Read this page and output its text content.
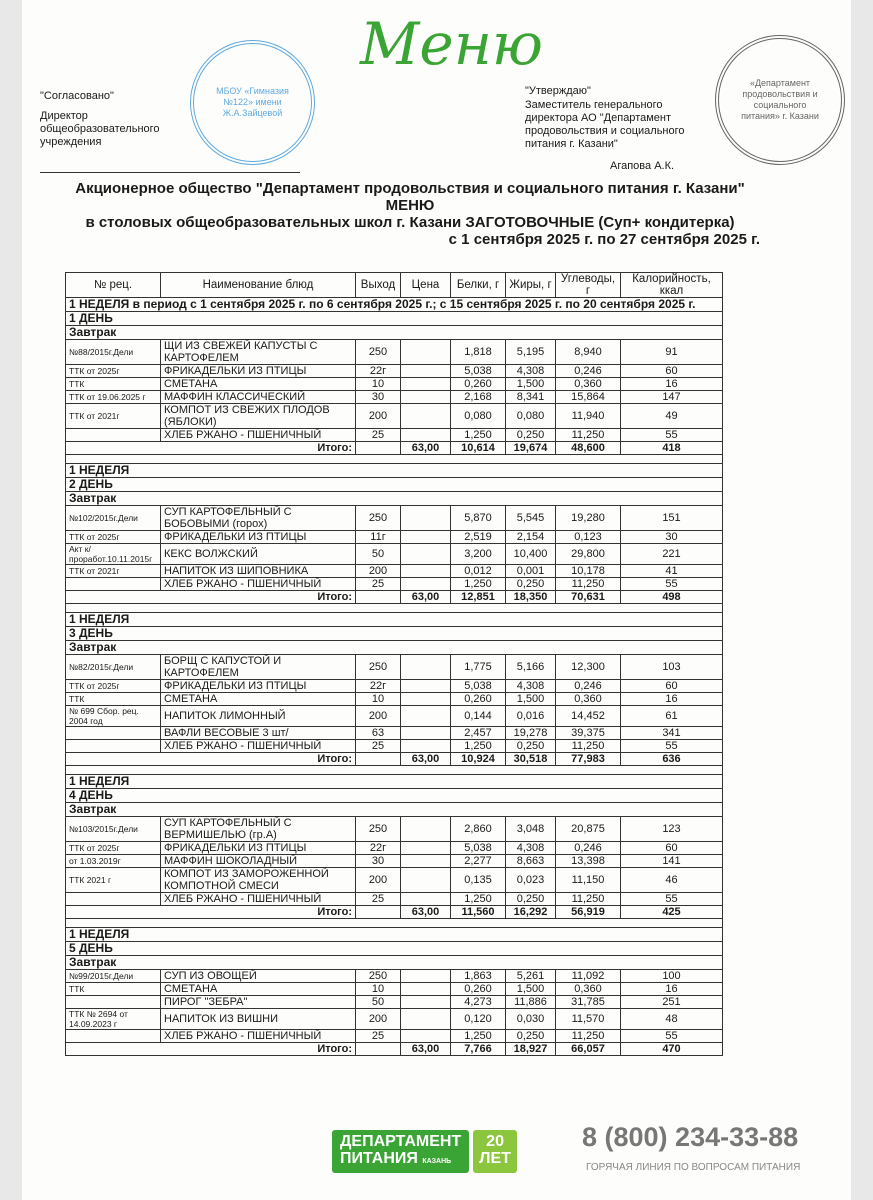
Меню
МБОУ «Гимназия №122» имени Ж.А.Зайцевой
"Согласовано"
Директор общеобразовательного учреждения
«Департамент продовольствия и социального питания» г. Казани
"Утверждаю"
Заместитель генерального директора АО "Департамент продовольствия и социального питания г. Казани"
Агапова А.К.
Акционерное общество "Департамент продовольствия и социального питания г. Казани"
МЕНЮ
в столовых общеобразовательных школ г. Казани ЗАГОТОВОЧНЫЕ (Суп+ кондитерка)
с 1 сентября 2025 г. по 27 сентября 2025 г.
№ рец.	Наименование блюд	Выход	Цена	Белки, г	Жиры, г	Углеводы, г	Калорийность, ккал
1 НЕДЕЛЯ в период с 1 сентября 2025 г. по 6 сентября 2025 г.; с 15 сентября 2025 г. по 20 сентября 2025 г.							
1 ДЕНЬ							
Завтрак							
№88/2015г.Дели	ЩИ ИЗ СВЕЖЕЙ КАПУСТЫ С КАРТОФЕЛЕМ	250		1,818	5,195	8,940	91
ТТК от 2025г	ФРИКАДЕЛЬКИ ИЗ ПТИЦЫ	22г		5,038	4,308	0,246	60
ТТК	СМЕТАНА	10		0,260	1,500	0,360	16
ТТК от 19.06.2025 г	МАФФИН КЛАССИЧЕСКИЙ	30		2,168	8,341	15,864	147
ТТК от 2021г	КОМПОТ ИЗ СВЕЖИХ ПЛОДОВ (ЯБЛОКИ)	200		0,080	0,080	11,940	49
	ХЛЕБ РЖАНО - ПШЕНИЧНЫЙ	25		1,250	0,250	11,250	55
Итого:			63,00	10,614	19,674	48,600	418

1 НЕДЕЛЯ							
2 ДЕНЬ							
Завтрак							
№102/2015г.Дели	СУП КАРТОФЕЛЬНЫЙ С БОБОВЫМИ (горох)	250		5,870	5,545	19,280	151
ТТК от 2025г	ФРИКАДЕЛЬКИ ИЗ ПТИЦЫ	11г		2,519	2,154	0,123	30
Акт к/проработ.10.11.2015г	КЕКС ВОЛЖСКИЙ	50		3,200	10,400	29,800	221
ТТК от 2021г	НАПИТОК ИЗ ШИПОВНИКА	200		0,012	0,001	10,178	41
	ХЛЕБ РЖАНО - ПШЕНИЧНЫЙ	25		1,250	0,250	11,250	55
Итого:			63,00	12,851	18,350	70,631	498

1 НЕДЕЛЯ							
3 ДЕНЬ							
Завтрак							
№82/2015г.Дели	БОРЩ С КАПУСТОЙ И КАРТОФЕЛЕМ	250		1,775	5,166	12,300	103
ТТК от 2025г	ФРИКАДЕЛЬКИ ИЗ ПТИЦЫ	22г		5,038	4,308	0,246	60
ТТК	СМЕТАНА	10		0,260	1,500	0,360	16
№ 699 Сбор. рец. 2004 год	НАПИТОК ЛИМОННЫЙ	200		0,144	0,016	14,452	61
	ВАФЛИ ВЕСОВЫЕ 3 шт/	63		2,457	19,278	39,375	341
	ХЛЕБ РЖАНО - ПШЕНИЧНЫЙ	25		1,250	0,250	11,250	55
Итого:			63,00	10,924	30,518	77,983	636

1 НЕДЕЛЯ							
4 ДЕНЬ							
Завтрак							
№103/2015г.Дели	СУП КАРТОФЕЛЬНЫЙ С ВЕРМИШЕЛЬЮ (гр.А)	250		2,860	3,048	20,875	123
ТТК от 2025г	ФРИКАДЕЛЬКИ ИЗ ПТИЦЫ	22г		5,038	4,308	0,246	60
от 1.03.2019г	МАФФИН ШОКОЛАДНЫЙ	30		2,277	8,663	13,398	141
ТТК 2021 г	КОМПОТ ИЗ ЗАМОРОЖЕННОЙ КОМПОТНОЙ СМЕСИ	200		0,135	0,023	11,150	46
	ХЛЕБ РЖАНО - ПШЕНИЧНЫЙ	25		1,250	0,250	11,250	55
Итого:			63,00	11,560	16,292	56,919	425

1 НЕДЕЛЯ							
5 ДЕНЬ							
Завтрак							
№99/2015г.Дели	СУП ИЗ ОВОЩЕЙ	250		1,863	5,261	11,092	100
ТТК	СМЕТАНА	10		0,260	1,500	0,360	16
	ПИРОГ "ЗЕБРА"	50		4,273	11,886	31,785	251
ТТК № 2694 от 14.09.2023 г	НАПИТОК ИЗ ВИШНИ	200		0,120	0,030	11,570	48
	ХЛЕБ РЖАНО - ПШЕНИЧНЫЙ	25		1,250	0,250	11,250	55
Итого:			63,00	7,766	18,927	66,057	470
ДЕПАРТАМЕНТ
ПИТАНИЯ КАЗАНЬ
20
ЛЕТ
8 (800) 234-33-88
ГОРЯЧАЯ ЛИНИЯ ПО ВОПРОСАМ ПИТАНИЯ
